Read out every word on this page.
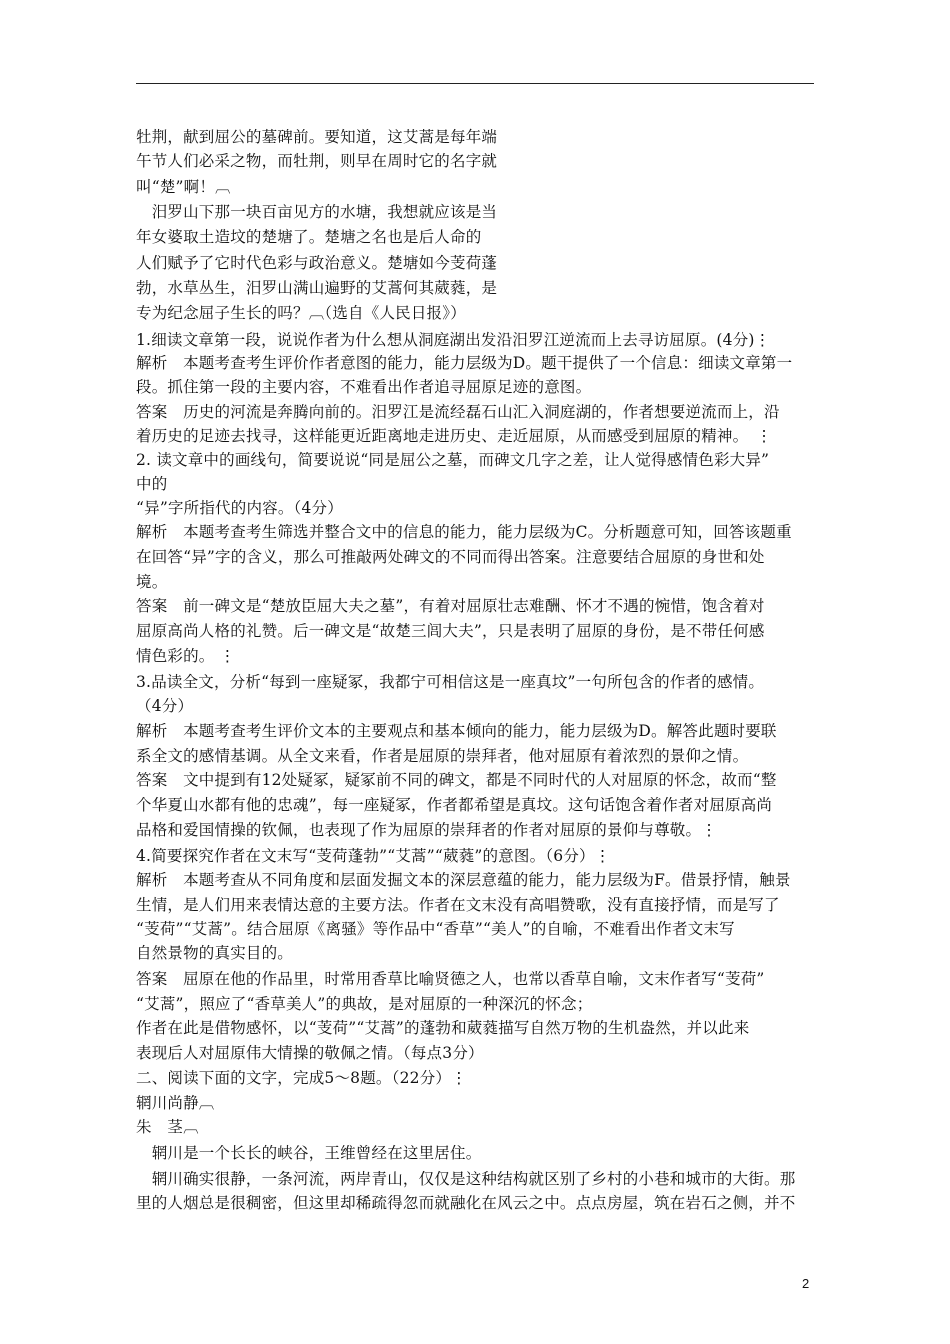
牡荆，献到屈公的墓碑前。要知道，这艾蒿是每年端
午节人们必采之物，而牡荆，则早在周时它的名字就
叫“楚”啊！︹
　汨罗山下那一块百亩见方的水塘，我想就应该是当
年女婆取土造坟的楚塘了。楚塘之名也是后人命的
人们赋予了它时代色彩与政治意义。楚塘如今芰荷蓬
勃，水草丛生，汨罗山满山遍野的艾蒿何其葳蕤，是
专为纪念屈子生长的吗？︹（选自《人民日报》）
1.细读文章第一段，说说作者为什么想从洞庭湖出发沿汨罗江逆流而上去寻访屈原。(4分)⋮
解析　本题考查考生评价作者意图的能力，能力层级为D。题干提供了一个信息：细读文章第一
段。抓住第一段的主要内容，不难看出作者追寻屈原足迹的意图。
答案　历史的河流是奔腾向前的。汨罗江是流经磊石山汇入洞庭湖的，作者想要逆流而上，沿
着历史的足迹去找寻，这样能更近距离地走进历史、走近屈原，从而感受到屈原的精神。　⋮
2. 读文章中的画线句，简要说说“同是屈公之墓，而碑文几字之差，让人觉得感情色彩大异”
中的
“异”字所指代的内容。（4分）
解析　本题考查考生筛选并整合文中的信息的能力，能力层级为C。分析题意可知，回答该题重
在回答“异”字的含义，那么可推敲两处碑文的不同而得出答案。注意要结合屈原的身世和处
境。
答案　前一碑文是“楚放臣屈大夫之墓”，有着对屈原壮志难酬、怀才不遇的惋惜，饱含着对
屈原高尚人格的礼赞。后一碑文是“故楚三闾大夫”，只是表明了屈原的身份，是不带任何感
情色彩的。 ⋮
3.品读全文，分析“每到一座疑冢，我都宁可相信这是一座真坟”一句所包含的作者的感情。
（4分）
解析　本题考查考生评价文本的主要观点和基本倾向的能力，能力层级为D。解答此题时要联
系全文的感情基调。从全文来看，作者是屈原的崇拜者，他对屈原有着浓烈的景仰之情。
答案　文中提到有12处疑冢，疑冢前不同的碑文，都是不同时代的人对屈原的怀念，故而“整
个华夏山水都有他的忠魂”，每一座疑冢，作者都希望是真坟。这句话饱含着作者对屈原高尚
品格和爱国情操的钦佩，也表现了作为屈原的崇拜者的作者对屈原的景仰与尊敬。⋮
4.简要探究作者在文末写“芰荷蓬勃”“艾蒿”“葳蕤”的意图。（6分）⋮
解析　本题考查从不同角度和层面发掘文本的深层意蕴的能力，能力层级为F。借景抒情，触景
生情，是人们用来表情达意的主要方法。作者在文末没有高唱赞歌，没有直接抒情，而是写了
“芰荷”“艾蒿”。结合屈原《离骚》等作品中“香草”“美人”的自喻，不难看出作者文末写
自然景物的真实目的。
答案　屈原在他的作品里，时常用香草比喻贤德之人，也常以香草自喻，文末作者写“芰荷”
“艾蒿”，照应了“香草美人”的典故，是对屈原的一种深沉的怀念；
作者在此是借物感怀，以“芰荷”“艾蒿”的蓬勃和葳蕤描写自然万物的生机盎然，并以此来
表现后人对屈原伟大情操的敬佩之情。（每点3分）
二、阅读下面的文字，完成5～8题。（22分）⋮
辋川尚静︹
朱　茎︹
　辋川是一个长长的峡谷，王维曾经在这里居住。
　辋川确实很静，一条河流，两岸青山，仅仅是这种结构就区别了乡村的小巷和城市的大街。那
里的人烟总是很稠密，但这里却稀疏得忽而就融化在风云之中。点点房屋，筑在岩石之侧，并不
2
